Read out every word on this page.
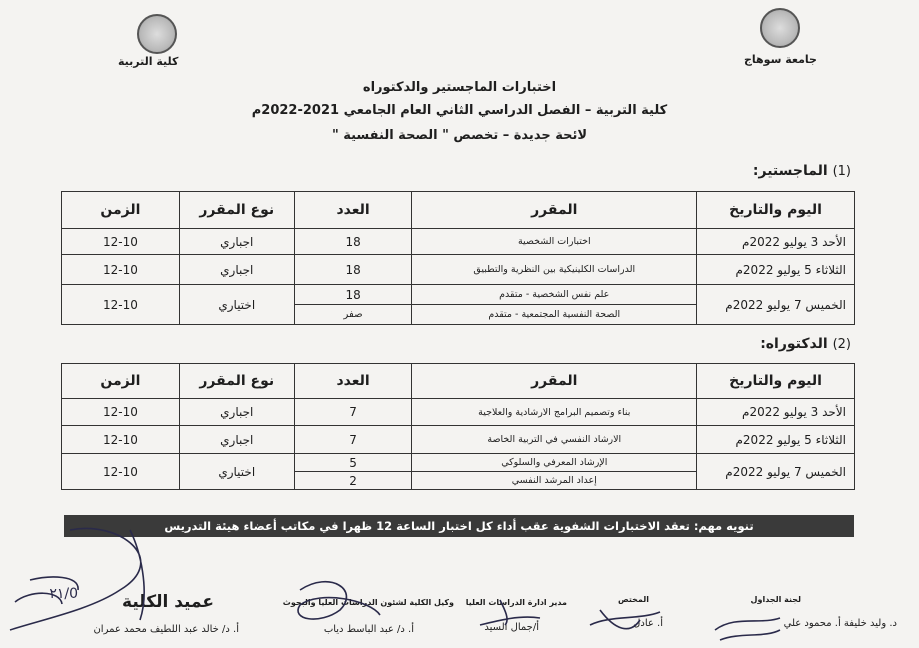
كلية التربية	جامعة سوهاج
اختبارات الماجستير والدكتوراه
كلية التربية – الفصل الدراسي الثاني العام الجامعي 2021-2022م
لائحة جديدة – تخصص " الصحة النفسية "
(1) الماجستير:
اليوم والتاريخ	المقرر	العدد	نوع المقرر	الزمن
الأحد 3 يوليو 2022م	اختبارات الشخصية	18	اجباري	12-10
الثلاثاء 5 يوليو 2022م	الدراسات الكلينيكية بين النظرية والتطبيق	18	اجباري	12-10
الخميس 7 يوليو 2022م	علم نفس الشخصية - متقدم	18	اختياري	12-10
	الصحة النفسية المجتمعية - متقدم	صفر		
(2) الدكتوراه:
اليوم والتاريخ	المقرر	العدد	نوع المقرر	الزمن
الأحد 3 يوليو 2022م	بناء وتصميم البرامج الارشادية والعلاجية	7	اجباري	12-10
الثلاثاء 5 يوليو 2022م	الارشاد النفسي في التربية الخاصة	7	اجباري	12-10
الخميس 7 يوليو 2022م	الإرشاد المعرفي والسلوكي	5	اختياري	12-10
	إعداد المرشد النفسي	2		
تنويه مهم: تعقد الاختبارات الشفوية عقب أداء كل اختبار الساعة 12 ظهرا في مكاتب أعضاء هيئة التدريس
لجنة الجداول
د. وليد خليفة أ. محمود علي
المختص
أ. عادل
مدير ادارة الدراسات العليا
أ/جمال السيد
وكيل الكلية لشئون الدراسات العليا والبحوث
أ. د/ عبد الباسط دياب
عميد الكلية
أ. د/ خالد عبد اللطيف محمد عمران
0/٢١
